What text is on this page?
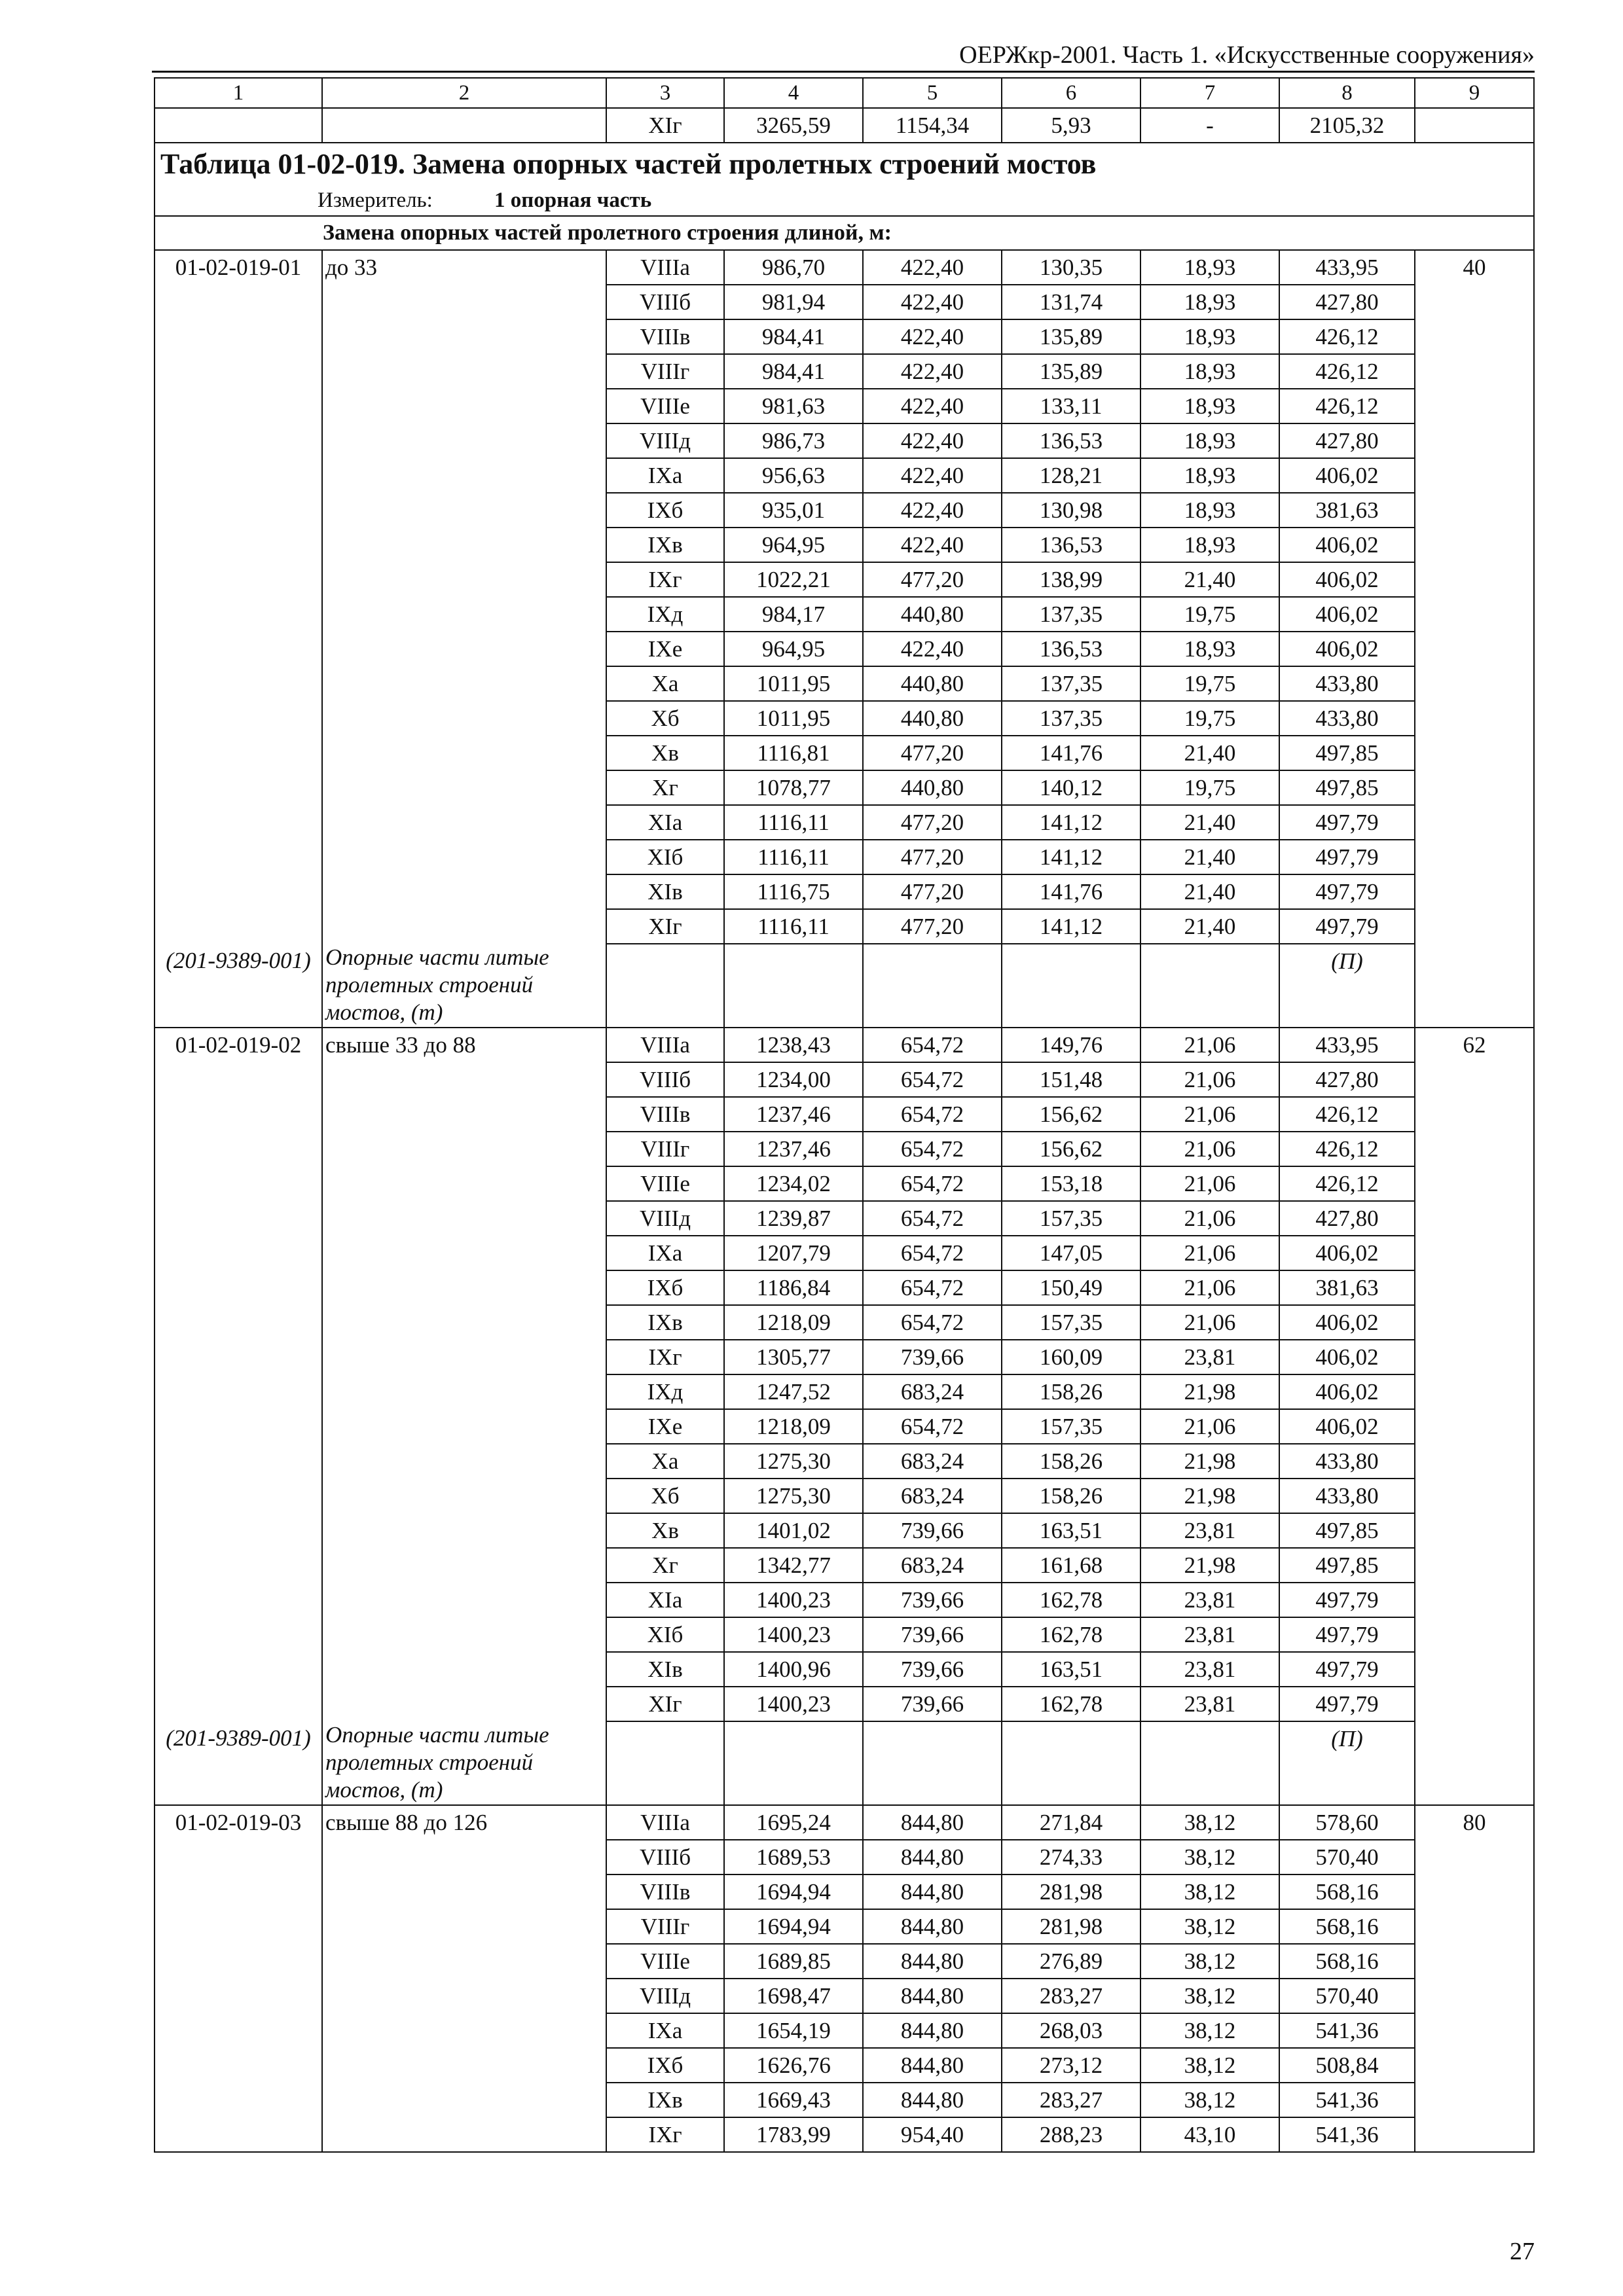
ОЕРЖкр-2001. Часть 1. «Искусственные сооружения»
1	2	3	4	5	6	7	8	9
		XIг	3265,59	1154,34	5,93	-	2105,32	
Таблица 01-02-019. Замена опорных частей пролетных строений мостов								
Измеритель: 1 опорная часть								
Замена опорных частей пролетного строения длиной, м:								
01-02-019-01	до 33	VIIIа	986,70	422,40	130,35	18,93	433,95	40
		VIIIб	981,94	422,40	131,74	18,93	427,80	
		VIIIв	984,41	422,40	135,89	18,93	426,12	
		VIIIг	984,41	422,40	135,89	18,93	426,12	
		VIIIе	981,63	422,40	133,11	18,93	426,12	
		VIIIд	986,73	422,40	136,53	18,93	427,80	
		IXа	956,63	422,40	128,21	18,93	406,02	
		IXб	935,01	422,40	130,98	18,93	381,63	
		IXв	964,95	422,40	136,53	18,93	406,02	
		IXг	1022,21	477,20	138,99	21,40	406,02	
		IXд	984,17	440,80	137,35	19,75	406,02	
		IXе	964,95	422,40	136,53	18,93	406,02	
		Xа	1011,95	440,80	137,35	19,75	433,80	
		Xб	1011,95	440,80	137,35	19,75	433,80	
		Xв	1116,81	477,20	141,76	21,40	497,85	
		Xг	1078,77	440,80	140,12	19,75	497,85	
		XIа	1116,11	477,20	141,12	21,40	497,79	
		XIб	1116,11	477,20	141,12	21,40	497,79	
		XIв	1116,75	477,20	141,76	21,40	497,79	
		XIг	1116,11	477,20	141,12	21,40	497,79	
(201-9389-001)	Опорные части литые пролетных строений мостов, (т)						(П)	
01-02-019-02	свыше 33 до 88	VIIIа	1238,43	654,72	149,76	21,06	433,95	62
		VIIIб	1234,00	654,72	151,48	21,06	427,80	
		VIIIв	1237,46	654,72	156,62	21,06	426,12	
		VIIIг	1237,46	654,72	156,62	21,06	426,12	
		VIIIе	1234,02	654,72	153,18	21,06	426,12	
		VIIIд	1239,87	654,72	157,35	21,06	427,80	
		IXа	1207,79	654,72	147,05	21,06	406,02	
		IXб	1186,84	654,72	150,49	21,06	381,63	
		IXв	1218,09	654,72	157,35	21,06	406,02	
		IXг	1305,77	739,66	160,09	23,81	406,02	
		IXд	1247,52	683,24	158,26	21,98	406,02	
		IXе	1218,09	654,72	157,35	21,06	406,02	
		Xа	1275,30	683,24	158,26	21,98	433,80	
		Xб	1275,30	683,24	158,26	21,98	433,80	
		Xв	1401,02	739,66	163,51	23,81	497,85	
		Xг	1342,77	683,24	161,68	21,98	497,85	
		XIа	1400,23	739,66	162,78	23,81	497,79	
		XIб	1400,23	739,66	162,78	23,81	497,79	
		XIв	1400,96	739,66	163,51	23,81	497,79	
		XIг	1400,23	739,66	162,78	23,81	497,79	
(201-9389-001)	Опорные части литые пролетных строений мостов, (т)						(П)	
01-02-019-03	свыше 88 до 126	VIIIа	1695,24	844,80	271,84	38,12	578,60	80
		VIIIб	1689,53	844,80	274,33	38,12	570,40	
		VIIIв	1694,94	844,80	281,98	38,12	568,16	
		VIIIг	1694,94	844,80	281,98	38,12	568,16	
		VIIIе	1689,85	844,80	276,89	38,12	568,16	
		VIIIд	1698,47	844,80	283,27	38,12	570,40	
		IXа	1654,19	844,80	268,03	38,12	541,36	
		IXб	1626,76	844,80	273,12	38,12	508,84	
		IXв	1669,43	844,80	283,27	38,12	541,36	
		IXг	1783,99	954,40	288,23	43,10	541,36	
27
